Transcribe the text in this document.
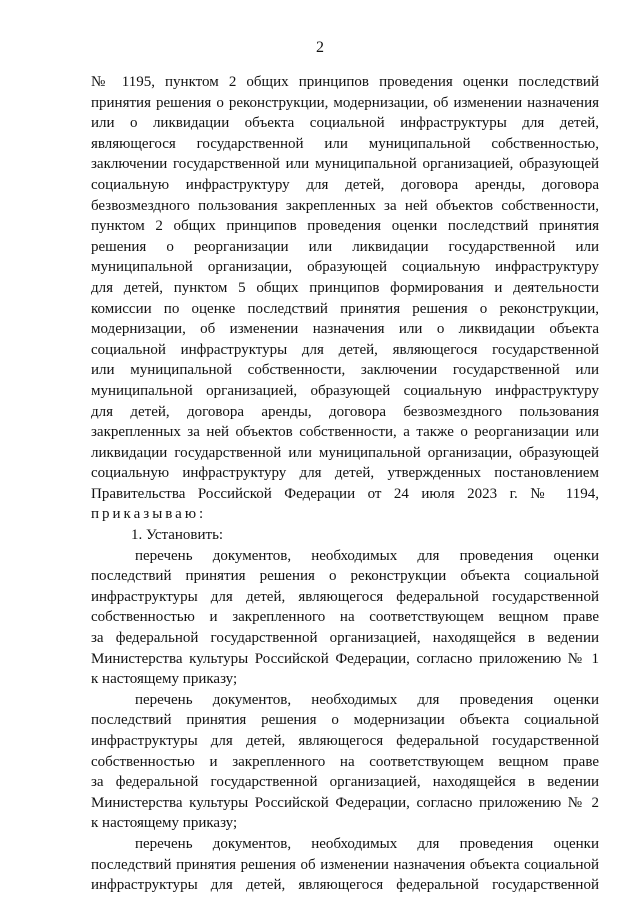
2
№ 1195, пунктом 2 общих принципов проведения оценки последствий
принятия решения о реконструкции, модернизации, об изменении назначения
или о ликвидации объекта социальной инфраструктуры для детей,
являющегося государственной или муниципальной собственностью,
заключении государственной или муниципальной организацией, образующей
социальную инфраструктуру для детей, договора аренды, договора
безвозмездного пользования закрепленных за ней объектов собственности,
пунктом 2 общих принципов проведения оценки последствий принятия
решения о реорганизации или ликвидации государственной или
муниципальной организации, образующей социальную инфраструктуру
для детей, пунктом 5 общих принципов формирования и деятельности
комиссии по оценке последствий принятия решения о реконструкции,
модернизации, об изменении назначения или о ликвидации объекта
социальной инфраструктуры для детей, являющегося государственной
или муниципальной собственности, заключении государственной или
муниципальной организацией, образующей социальную инфраструктуру
для детей, договора аренды, договора безвозмездного пользования
закрепленных за ней объектов собственности, а также о реорганизации или
ликвидации государственной или муниципальной организации, образующей
социальную инфраструктуру для детей, утвержденных постановлением
Правительства Российской Федерации от 24 июля 2023 г. № 1194,
приказываю:
1. Установить:
перечень документов, необходимых для проведения оценки
последствий принятия решения о реконструкции объекта социальной
инфраструктуры для детей, являющегося федеральной государственной
собственностью и закрепленного на соответствующем вещном праве
за федеральной государственной организацией, находящейся в ведении
Министерства культуры Российской Федерации, согласно приложению № 1
к настоящему приказу;
перечень документов, необходимых для проведения оценки
последствий принятия решения о модернизации объекта социальной
инфраструктуры для детей, являющегося федеральной государственной
собственностью и закрепленного на соответствующем вещном праве
за федеральной государственной организацией, находящейся в ведении
Министерства культуры Российской Федерации, согласно приложению № 2
к настоящему приказу;
перечень документов, необходимых для проведения оценки
последствий принятия решения об изменении назначения объекта социальной
инфраструктуры для детей, являющегося федеральной государственной
